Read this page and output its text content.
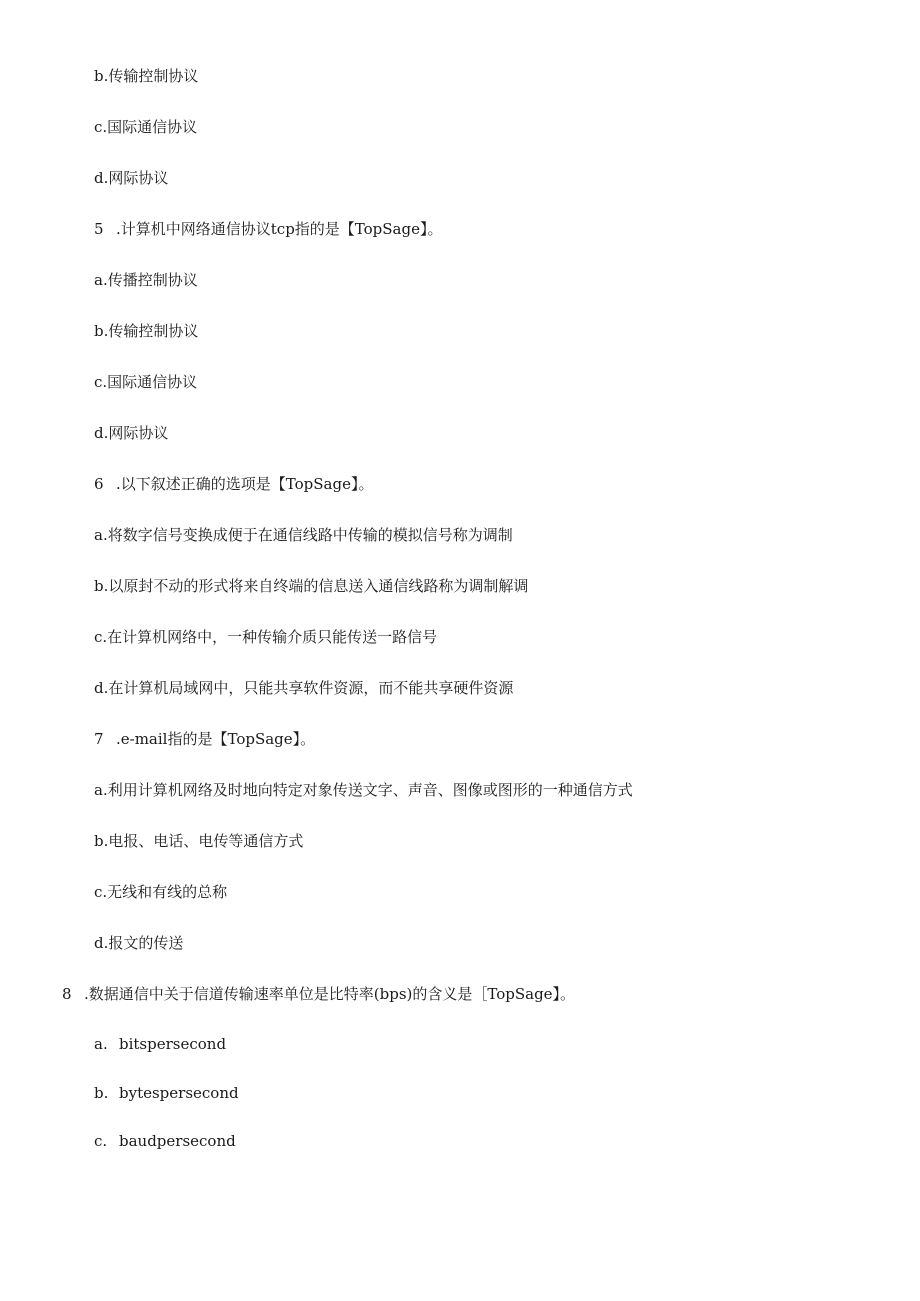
b.传输控制协议
c.国际通信协议
d.网际协议
5 .计算机中网络通信协议tcp指的是【TopSage】。
a.传播控制协议
b.传输控制协议
c.国际通信协议
d.网际协议
6 .以下叙述正确的选项是【TopSage】。
a.将数字信号变换成便于在通信线路中传输的模拟信号称为调制
b.以原封不动的形式将来自终端的信息送入通信线路称为调制解调
c.在计算机网络中，一种传输介质只能传送一路信号
d.在计算机局域网中，只能共享软件资源，而不能共享硬件资源
7 .e-mail指的是【TopSage】。
a.利用计算机网络及时地向特定对象传送文字、声音、图像或图形的一种通信方式
b.电报、电话、电传等通信方式
c.无线和有线的总称
d.报文的传送
8 .数据通信中关于信道传输速率单位是比特率(bps)的含义是［TopSage】。
a. bitspersecond
b. bytespersecond
c. baudpersecond
